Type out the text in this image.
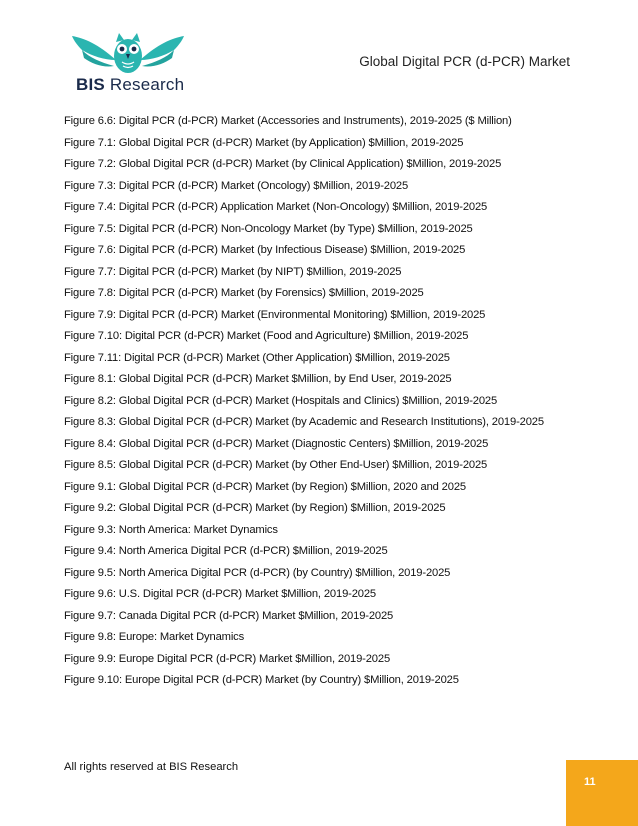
BIS Research
Global Digital PCR (d-PCR) Market
Figure 6.6: Digital PCR (d-PCR) Market (Accessories and Instruments), 2019-2025 ($ Million)
Figure 7.1: Global Digital PCR (d-PCR) Market (by Application) $Million, 2019-2025
Figure 7.2: Global Digital PCR (d-PCR) Market (by Clinical Application) $Million, 2019-2025
Figure 7.3: Digital PCR (d-PCR) Market (Oncology) $Million, 2019-2025
Figure 7.4: Digital PCR (d-PCR) Application Market (Non-Oncology) $Million, 2019-2025
Figure 7.5: Digital PCR (d-PCR) Non-Oncology Market (by Type) $Million, 2019-2025
Figure 7.6: Digital PCR (d-PCR) Market (by Infectious Disease) $Million, 2019-2025
Figure 7.7: Digital PCR (d-PCR) Market (by NIPT) $Million, 2019-2025
Figure 7.8: Digital PCR (d-PCR) Market (by Forensics) $Million, 2019-2025
Figure 7.9: Digital PCR (d-PCR) Market (Environmental Monitoring) $Million, 2019-2025
Figure 7.10: Digital PCR (d-PCR) Market (Food and Agriculture) $Million, 2019-2025
Figure 7.11: Digital PCR (d-PCR) Market (Other Application) $Million, 2019-2025
Figure 8.1: Global Digital PCR (d-PCR) Market $Million, by End User, 2019-2025
Figure 8.2: Global Digital PCR (d-PCR) Market (Hospitals and Clinics) $Million, 2019-2025
Figure 8.3: Global Digital PCR (d-PCR) Market (by Academic and Research Institutions), 2019-2025
Figure 8.4: Global Digital PCR (d-PCR) Market (Diagnostic Centers) $Million, 2019-2025
Figure 8.5: Global Digital PCR (d-PCR) Market (by Other End-User) $Million, 2019-2025
Figure 9.1: Global Digital PCR (d-PCR) Market (by Region) $Million, 2020 and 2025
Figure 9.2: Global Digital PCR (d-PCR) Market (by Region) $Million, 2019-2025
Figure 9.3: North America: Market Dynamics
Figure 9.4: North America Digital PCR (d-PCR) $Million, 2019-2025
Figure 9.5: North America Digital PCR (d-PCR) (by Country) $Million, 2019-2025
Figure 9.6: U.S. Digital PCR (d-PCR) Market $Million, 2019-2025
Figure 9.7: Canada Digital PCR (d-PCR) Market $Million, 2019-2025
Figure 9.8: Europe: Market Dynamics
Figure 9.9: Europe Digital PCR (d-PCR) Market $Million, 2019-2025
Figure 9.10: Europe Digital PCR (d-PCR) Market (by Country) $Million, 2019-2025
All rights reserved at BIS Research
11
